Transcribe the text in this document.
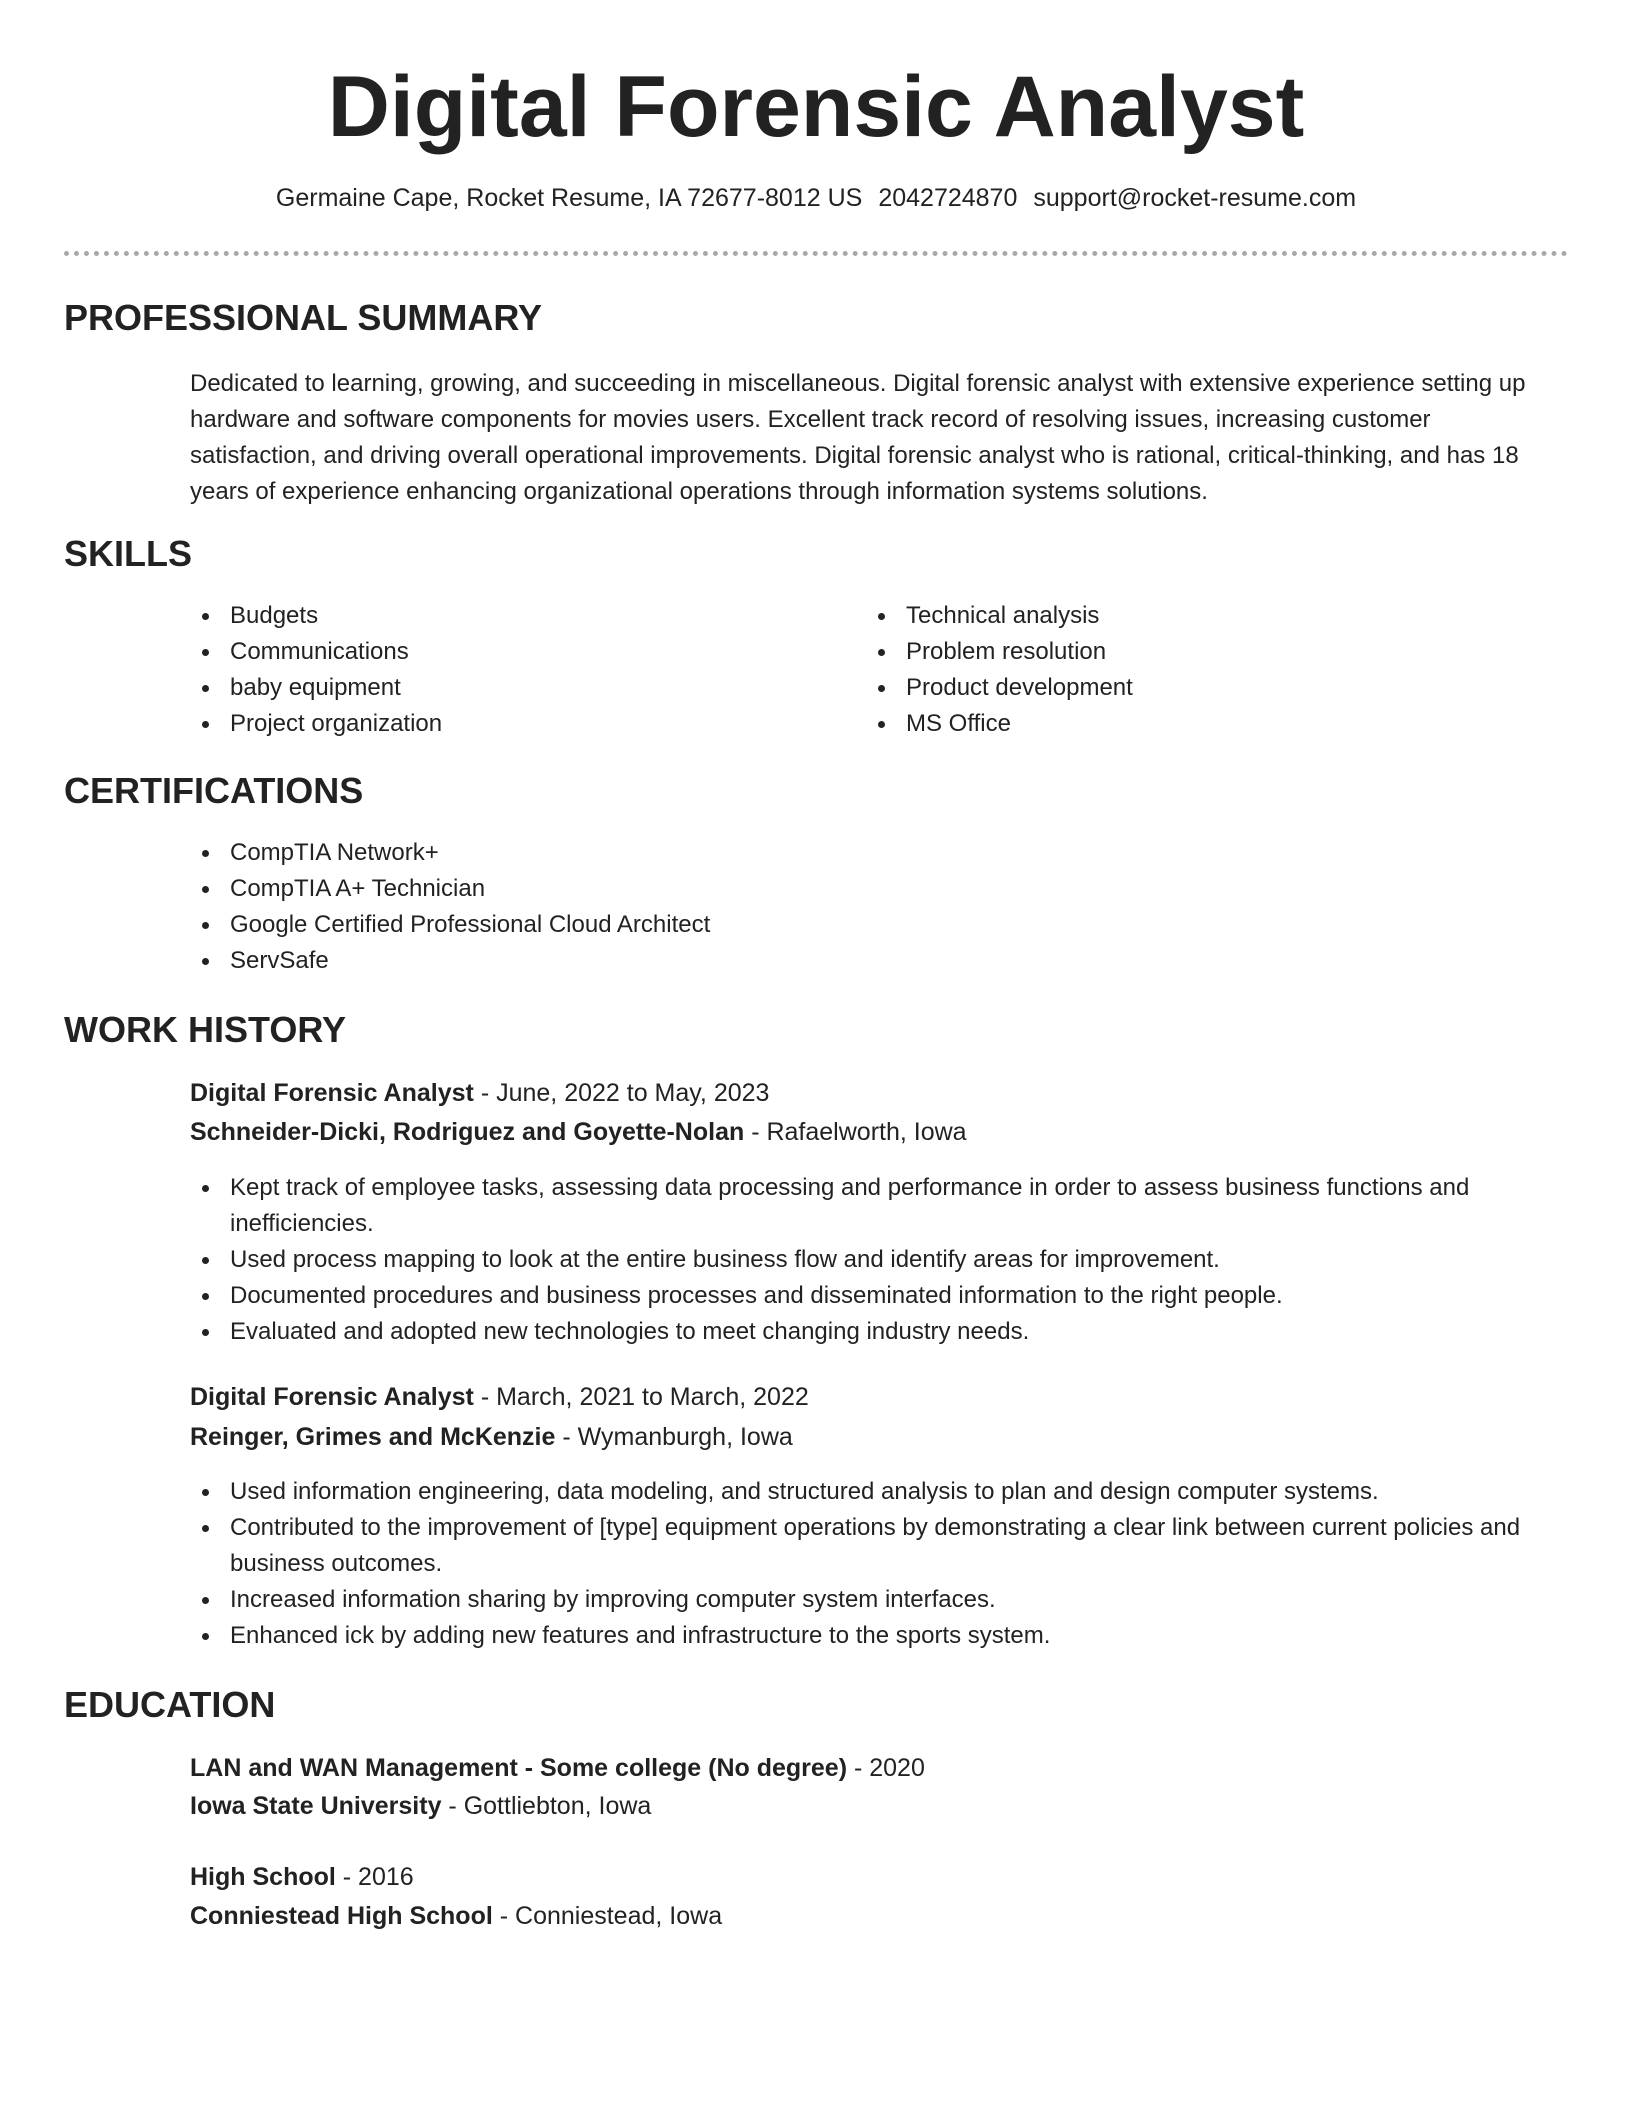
Digital Forensic Analyst
Germaine Cape, Rocket Resume, IA 72677-8012 US 2042724870 support@rocket-resume.com
PROFESSIONAL SUMMARY

Dedicated to learning, growing, and succeeding in miscellaneous. Digital forensic analyst with extensive experience setting up hardware and software components for movies users. Excellent track record of resolving issues, increasing customer satisfaction, and driving overall operational improvements. Digital forensic analyst who is rational, critical-thinking, and has 18 years of experience enhancing organizational operations through information systems solutions.

SKILLS
Budgets
Communications
baby equipment
Project organization
Technical analysis
Problem resolution
Product development
MS Office
CERTIFICATIONS
CompTIA Network+
CompTIA A+ Technician
Google Certified Professional Cloud Architect
ServSafe
WORK HISTORY
Digital Forensic Analyst - June, 2022 to May, 2023
Schneider-Dicki, Rodriguez and Goyette-Nolan - Rafaelworth, Iowa
Kept track of employee tasks, assessing data processing and performance in order to assess business functions and inefficiencies.
Used process mapping to look at the entire business flow and identify areas for improvement.
Documented procedures and business processes and disseminated information to the right people.
Evaluated and adopted new technologies to meet changing industry needs.
Digital Forensic Analyst - March, 2021 to March, 2022
Reinger, Grimes and McKenzie - Wymanburgh, Iowa
Used information engineering, data modeling, and structured analysis to plan and design computer systems.
Contributed to the improvement of [type] equipment operations by demonstrating a clear link between current policies and business outcomes.
Increased information sharing by improving computer system interfaces.
Enhanced ick by adding new features and infrastructure to the sports system.
EDUCATION
LAN and WAN Management - Some college (No degree) - 2020
Iowa State University - Gottliebton, Iowa
High School - 2016
Conniestead High School - Conniestead, Iowa
